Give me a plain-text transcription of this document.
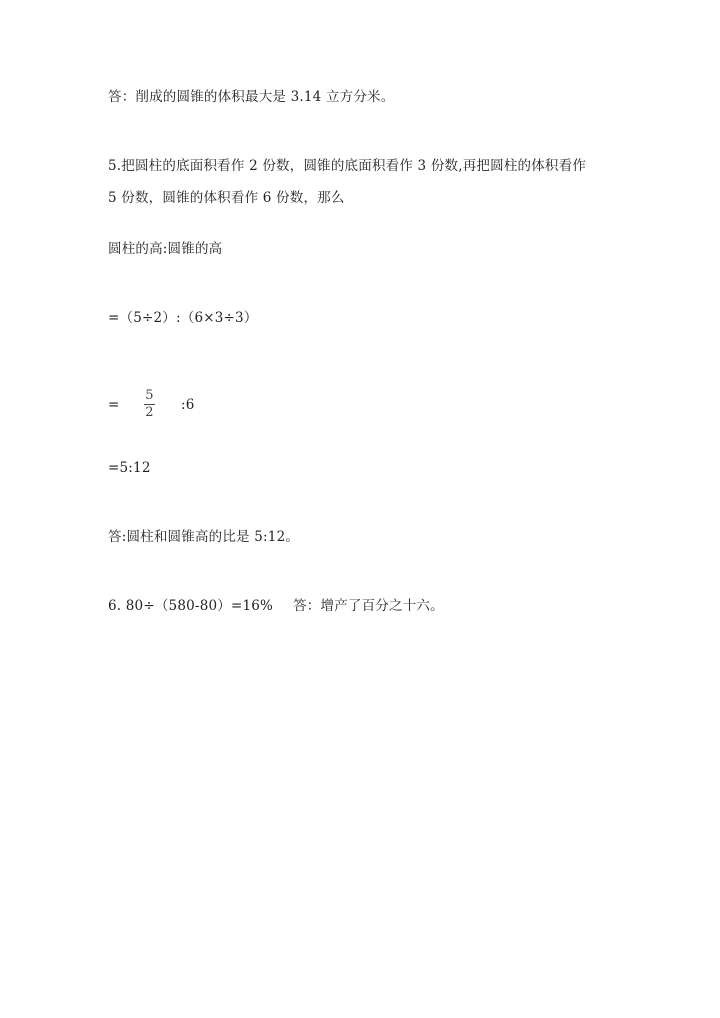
答：削成的圆锥的体积最大是 3.14 立方分米。
5.把圆柱的底面积看作 2 份数，圆锥的底面积看作 3 份数,再把圆柱的体积看作
5 份数，圆锥的体积看作 6 份数，那么
圆柱的高:圆锥的高
=（5÷2）:（6×3÷3）
=	$\frac{5}{2}$ :6
=5:12
答:圆柱和圆锥高的比是 5:12。
6. 80÷（580-80）=16% 答：增产了百分之十六。
